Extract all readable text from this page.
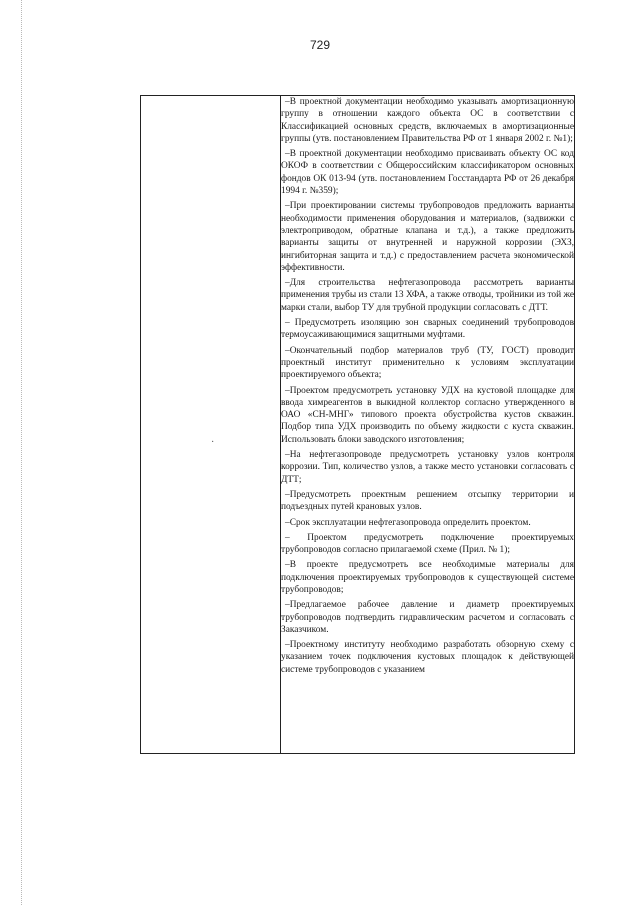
729
·

–В проектной документации необходимо указывать амортизационную группу в отношении каждого объекта ОС в соответствии с Классификацией основных средств, включаемых в амортизационные группы (утв. постановлением Правительства РФ от 1 января 2002 г. №1);
–В проектной документации необходимо присваивать объекту ОС код ОКОФ в соответствии с Общероссийским классификатором основных фондов ОК 013-94 (утв. постановлением Госстандарта РФ от 26 декабря 1994 г. №359);
–При проектировании системы трубопроводов предложить варианты необходимости применения оборудования и материалов, (задвижки с электроприводом, обратные клапана и т.д.), а также предложить варианты защиты от внутренней и наружной коррозии (ЭХЗ, ингибиторная защита и т.д.) с предоставлением расчета экономической эффективности.
–Для строительства нефтегазопровода рассмотреть варианты применения трубы из стали 13 ХФА, а также отводы, тройники из той же марки стали, выбор ТУ для трубной продукции согласовать с ДТТ.
– Предусмотреть изоляцию зон сварных соединений трубопроводов термоусаживающимися защитными муфтами.
–Окончательный подбор материалов труб (ТУ, ГОСТ) проводит проектный институт применительно к условиям эксплуатации проектируемого объекта;
–Проектом предусмотреть установку УДХ на кустовой площадке для ввода химреагентов в выкидной коллектор согласно утвержденного в ОАО «СН-МНГ» типового проекта обустройства кустов скважин. Подбор типа УДХ производить по объему жидкости с куста скважин. Использовать блоки заводского изготовления;
–На нефтегазопроводе предусмотреть установку узлов контроля коррозии. Тип, количество узлов, а также место установки согласовать с ДТТ;
–Предусмотреть проектным решением отсыпку территории и подъездных путей крановых узлов.
–Срок эксплуатации нефтегазопровода определить проектом.
– Проектом предусмотреть подключение проектируемых трубопроводов согласно прилагаемой схеме (Прил. № 1);
–В проекте предусмотреть все необходимые материалы для подключения проектируемых трубопроводов к существующей системе трубопроводов;
–Предлагаемое рабочее давление и диаметр проектируемых трубопроводов подтвердить гидравлическим расчетом и согласовать с Заказчиком.
–Проектному институту необходимо разработать обзорную схему с указанием точек подключения кустовых площадок к действующей системе трубопроводов с указанием
